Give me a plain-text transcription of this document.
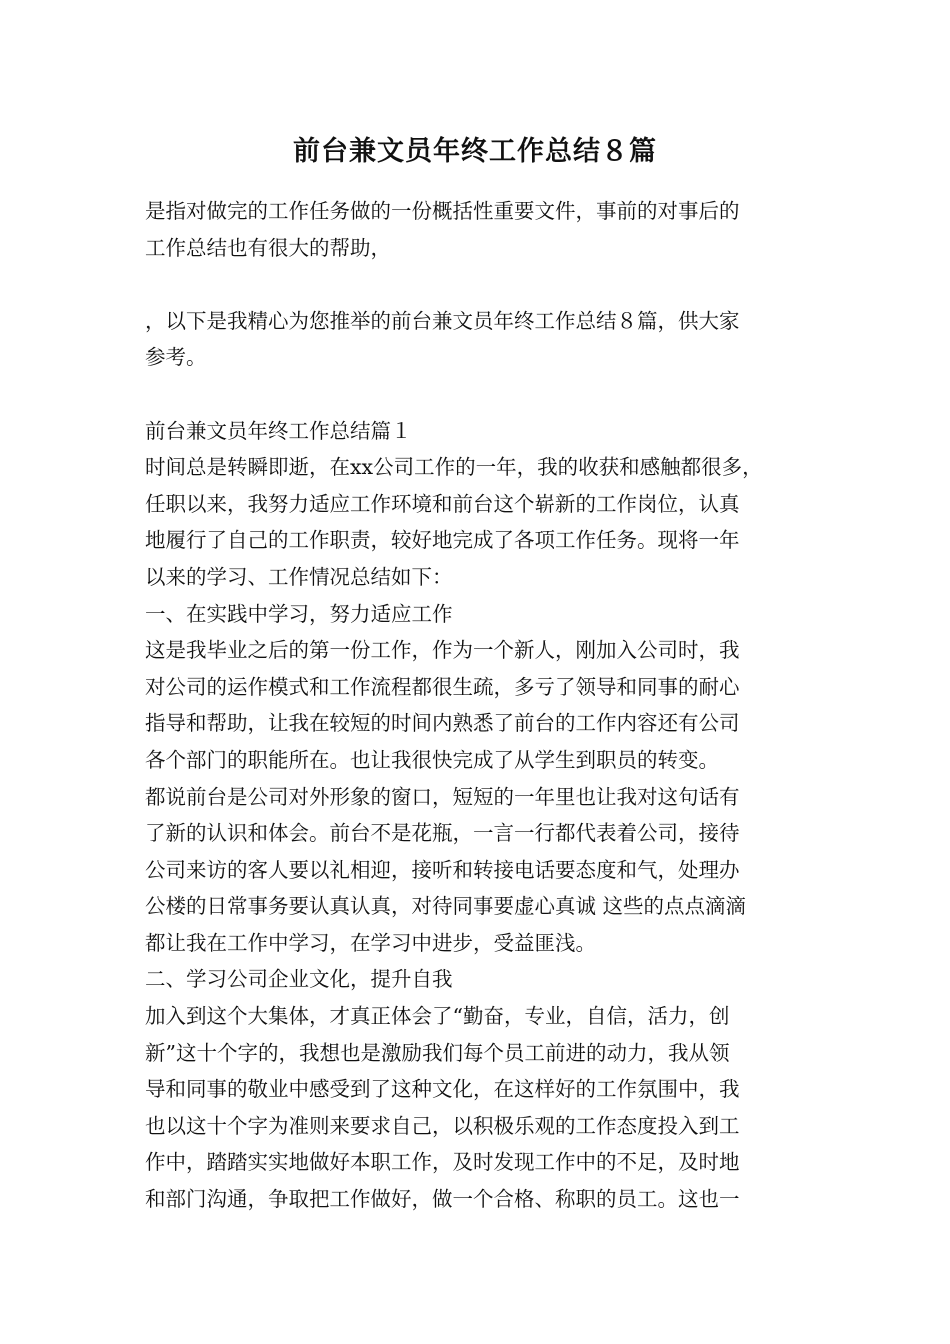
前台兼文员年终工作总结８篇
是指对做完的工作任务做的一份概括性重要文件，事前的对事后的
工作总结也有很大的帮助，
，以下是我精心为您推举的前台兼文员年终工作总结８篇，供大家
参考。
前台兼文员年终工作总结篇１
时间总是转瞬即逝，在xx公司工作的一年，我的收获和感触都很多，
任职以来，我努力适应工作环境和前台这个崭新的工作岗位，认真
地履行了自己的工作职责，较好地完成了各项工作任务。现将一年
以来的学习、工作情况总结如下：
一、在实践中学习，努力适应工作
这是我毕业之后的第一份工作，作为一个新人，刚加入公司时，我
对公司的运作模式和工作流程都很生疏，多亏了领导和同事的耐心
指导和帮助，让我在较短的时间内熟悉了前台的工作内容还有公司
各个部门的职能所在。也让我很快完成了从学生到职员的转变。
都说前台是公司对外形象的窗口，短短的一年里也让我对这句话有
了新的认识和体会。前台不是花瓶，一言一行都代表着公司，接待
公司来访的客人要以礼相迎，接听和转接电话要态度和气，处理办
公楼的日常事务要认真认真，对待同事要虚心真诚 这些的点点滴滴
都让我在工作中学习，在学习中进步，受益匪浅。
二、学习公司企业文化，提升自我
加入到这个大集体，才真正体会了“勤奋，专业，自信，活力，创
新”这十个字的，我想也是激励我们每个员工前进的动力，我从领
导和同事的敬业中感受到了这种文化，在这样好的工作氛围中，我
也以这十个字为准则来要求自己，以积极乐观的工作态度投入到工
作中，踏踏实实地做好本职工作，及时发现工作中的不足，及时地
和部门沟通，争取把工作做好，做一个合格、称职的员工。这也一
